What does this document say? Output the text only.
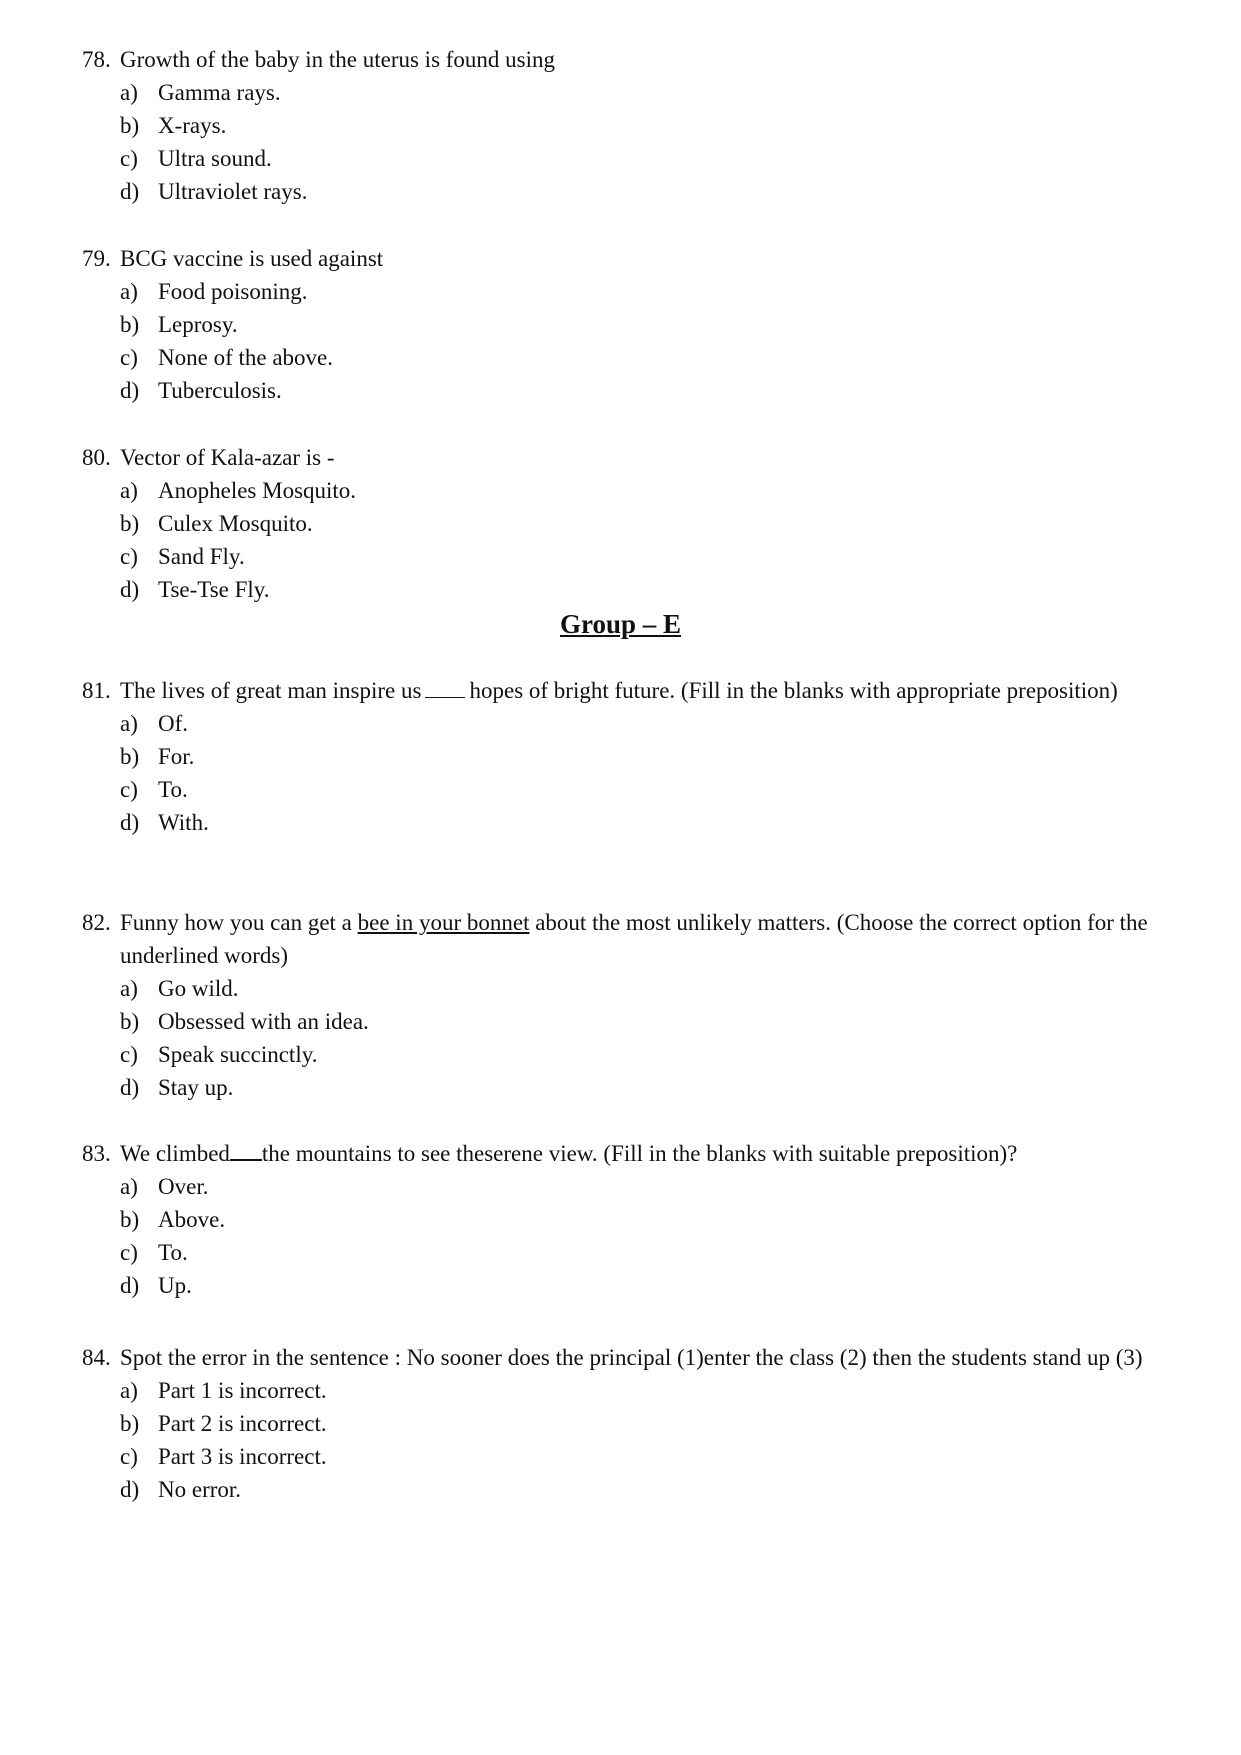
78. Growth of the baby in the uterus is found using
a) Gamma rays.
b) X-rays.
c) Ultra sound.
d) Ultraviolet rays.
79. BCG vaccine is used against
a) Food poisoning.
b) Leprosy.
c) None of the above.
d) Tuberculosis.
80. Vector of Kala-azar is -
a) Anopheles Mosquito.
b) Culex Mosquito.
c) Sand Fly.
d) Tse-Tse Fly.
Group – E
81. The lives of great man inspire us hopes of bright future. (Fill in the blanks with appropriate preposition)
a) Of.
b) For.
c) To.
d) With.
82. Funny how you can get a bee in your bonnet about the most unlikely matters. (Choose the correct option for the underlined words)
a) Go wild.
b) Obsessed with an idea.
c) Speak succinctly.
d) Stay up.
83. We climbed the mountains to see theserene view. (Fill in the blanks with suitable preposition)?
a) Over.
b) Above.
c) To.
d) Up.
84. Spot the error in the sentence : No sooner does the principal (1)enter the class (2) then the students stand up (3)
a) Part 1 is incorrect.
b) Part 2 is incorrect.
c) Part 3 is incorrect.
d) No error.
